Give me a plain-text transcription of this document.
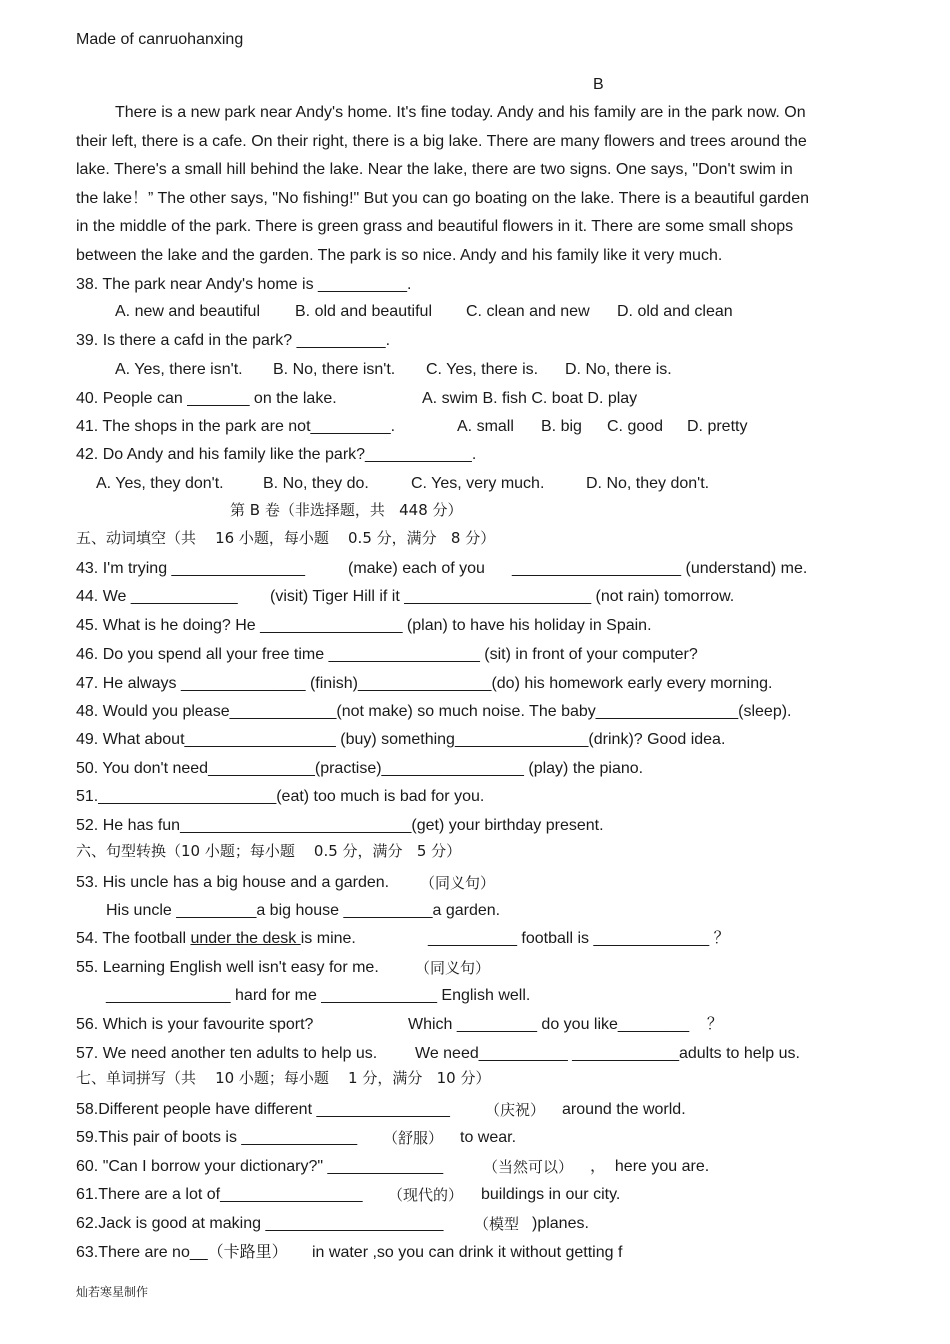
Made of canruohanxing
B
There is a new park near Andy's home. It's fine today. Andy and his family are in the park now. On
their left, there is a cafe. On their right, there is a big lake. There are many flowers and trees around the
lake. There's a small hill behind the lake. Near the lake, there are two signs. One says, "Don't swim in
the lake！” The other says, "No fishing!" But you can go boating on the lake. There is a beautiful garden
in the middle of the park. There is green grass and beautiful flowers in it. There are some small shops
between the lake and the garden. The park is so nice. Andy and his family like it very much.
38. The park near Andy's home is __________.
A. new and beautiful B. old and beautiful C. clean and new D. old and clean
39. Is there a cafd in the park? __________.
A. Yes, there isn't. B. No, there isn't. C. Yes, there is. D. No, there is.
40. People can _______ on the lake.	A. swim B. fish C. boat D. play
41. The shops in the park are not_________.	A. small B. big C. good D. pretty
42. Do Andy and his family like the park?____________.
A. Yes, they don't. B. No, they do.	C. Yes, very much.	D. No, they don't.
第 B 卷（非选择题，共   448 分）
五、动词填空（共    16 小题，每小题    0.5 分，满分   8 分）
43. I'm trying _______________	(make) each of you ___________________ (understand) me.
44. We ____________ (visit) Tiger Hill if it _____________________ (not rain) tomorrow.
45. What is he doing? He ________________ (plan) to have his holiday in Spain.
46. Do you spend all your free time _________________ (sit) in front of your computer?
47. He always ______________ (finish)_______________(do) his homework early every morning.
48. Would you please____________(not make) so much noise. The baby________________(sleep).
49. What about_________________ (buy) something_______________(drink)? Good idea.
50. You don't need____________(practise)________________ (play) the piano.
51.____________________(eat) too much is bad for you.
52. He has fun__________________________(get) your birthday present.
六、句型转换（10 小题；每小题    0.5 分，满分   5 分）
53. His uncle has a big house and a garden. （同义句）
His uncle _________a big house __________a garden.
54. The football under the desk is mine.	__________ football is _____________ ？
55. Learning English well isn't easy for me. （同义句）
______________ hard for me _____________ English well.
56. Which is your favourite sport?	Which _________ do you like________    ？
57. We need another ten adults to help us. We need__________ ____________adults to help us.
七、单词拼写（共    10 小题；每小题    1 分，满分   10 分）
58.Different people have different _______________ （庆祝） around the world.
59.This pair of boots is _____________ （舒服） to wear.
60. "Can I borrow your dictionary?" _____________	（当然可以） ，  here you are.
61.There are a lot of________________ （现代的） buildings in our city.
62.Jack is good at making ____________________ （模型 )planes.
63.There are no__（卡路里） in water ,so you can drink it without getting f
灿若寒星制作
